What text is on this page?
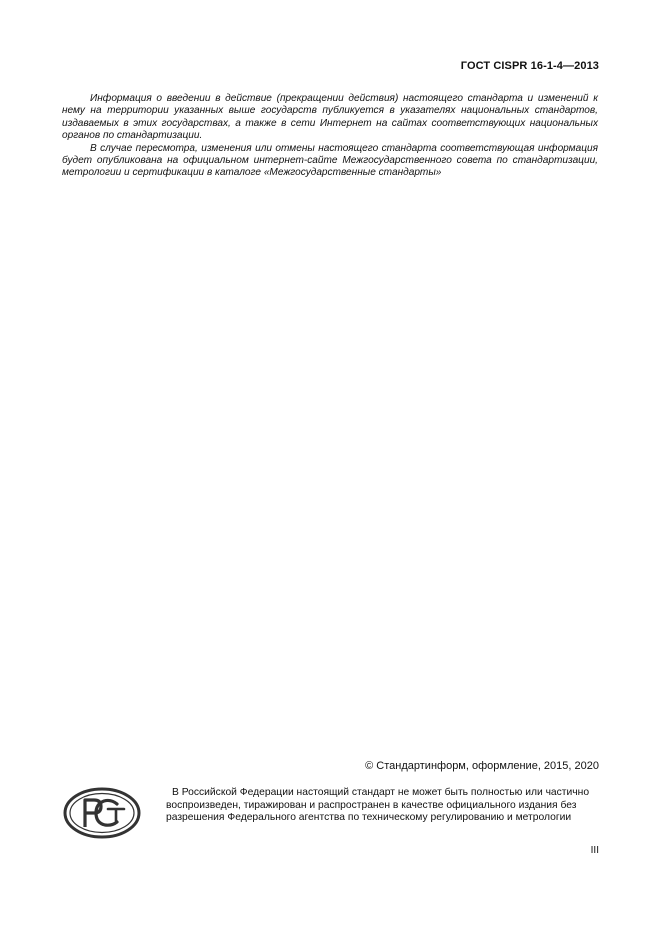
ГОСТ CISPR 16-1-4—2013

Информация о введении в действие (прекращении действия) настоящего стандарта и изменений к нему на территории указанных выше государств публикуется в указателях национальных стандартов, издаваемых в этих государствах, а также в сети Интернет на сайтах соответствующих национальных органов по стандартизации.

В случае пересмотра, изменения или отмены настоящего стандарта соответствующая информация будет опубликована на официальном интернет-сайте Межгосударственного совета по стандартизации, метрологии и сертификации в каталоге «Межгосударственные стандарты»

© Стандартинформ, оформление, 2015, 2020

В Российской Федерации настоящий стандарт не может быть полностью или частично воспроизведен, тиражирован и распространен в качестве официального издания без разрешения Федерального агентства по техническому регулированию и метрологии

III
